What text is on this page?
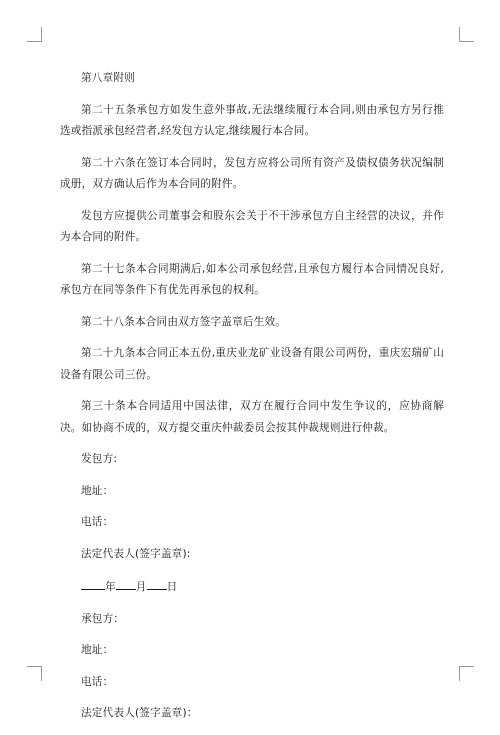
第八章附则

第二十五条承包方如发生意外事故,无法继续履行本合同,则由承包方另行推选或指派承包经营者,经发包方认定,继续履行本合同。

第二十六条在签订本合同时，发包方应将公司所有资产及债权债务状况编制成册，双方确认后作为本合同的附件。

发包方应提供公司董事会和股东会关于不干涉承包方自主经营的决议，并作为本合同的附件。

第二十七条本合同期满后,如本公司承包经营,且承包方履行本合同情况良好,承包方在同等条件下有优先再承包的权利。

第二十八条本合同由双方签字盖章后生效。

第二十九条本合同正本五份,重庆业龙矿业设备有限公司两份，重庆宏瑞矿山设备有限公司三份。

第三十条本合同适用中国法律，双方在履行合同中发生争议的，应协商解决。如协商不成的，双方提交重庆仲裁委员会按其仲裁规则进行仲裁。

发包方:

地址：

电话：

法定代表人(签字盖章):

年 月 日

承包方：

地址：

电话：

法定代表人(签字盖章)：
